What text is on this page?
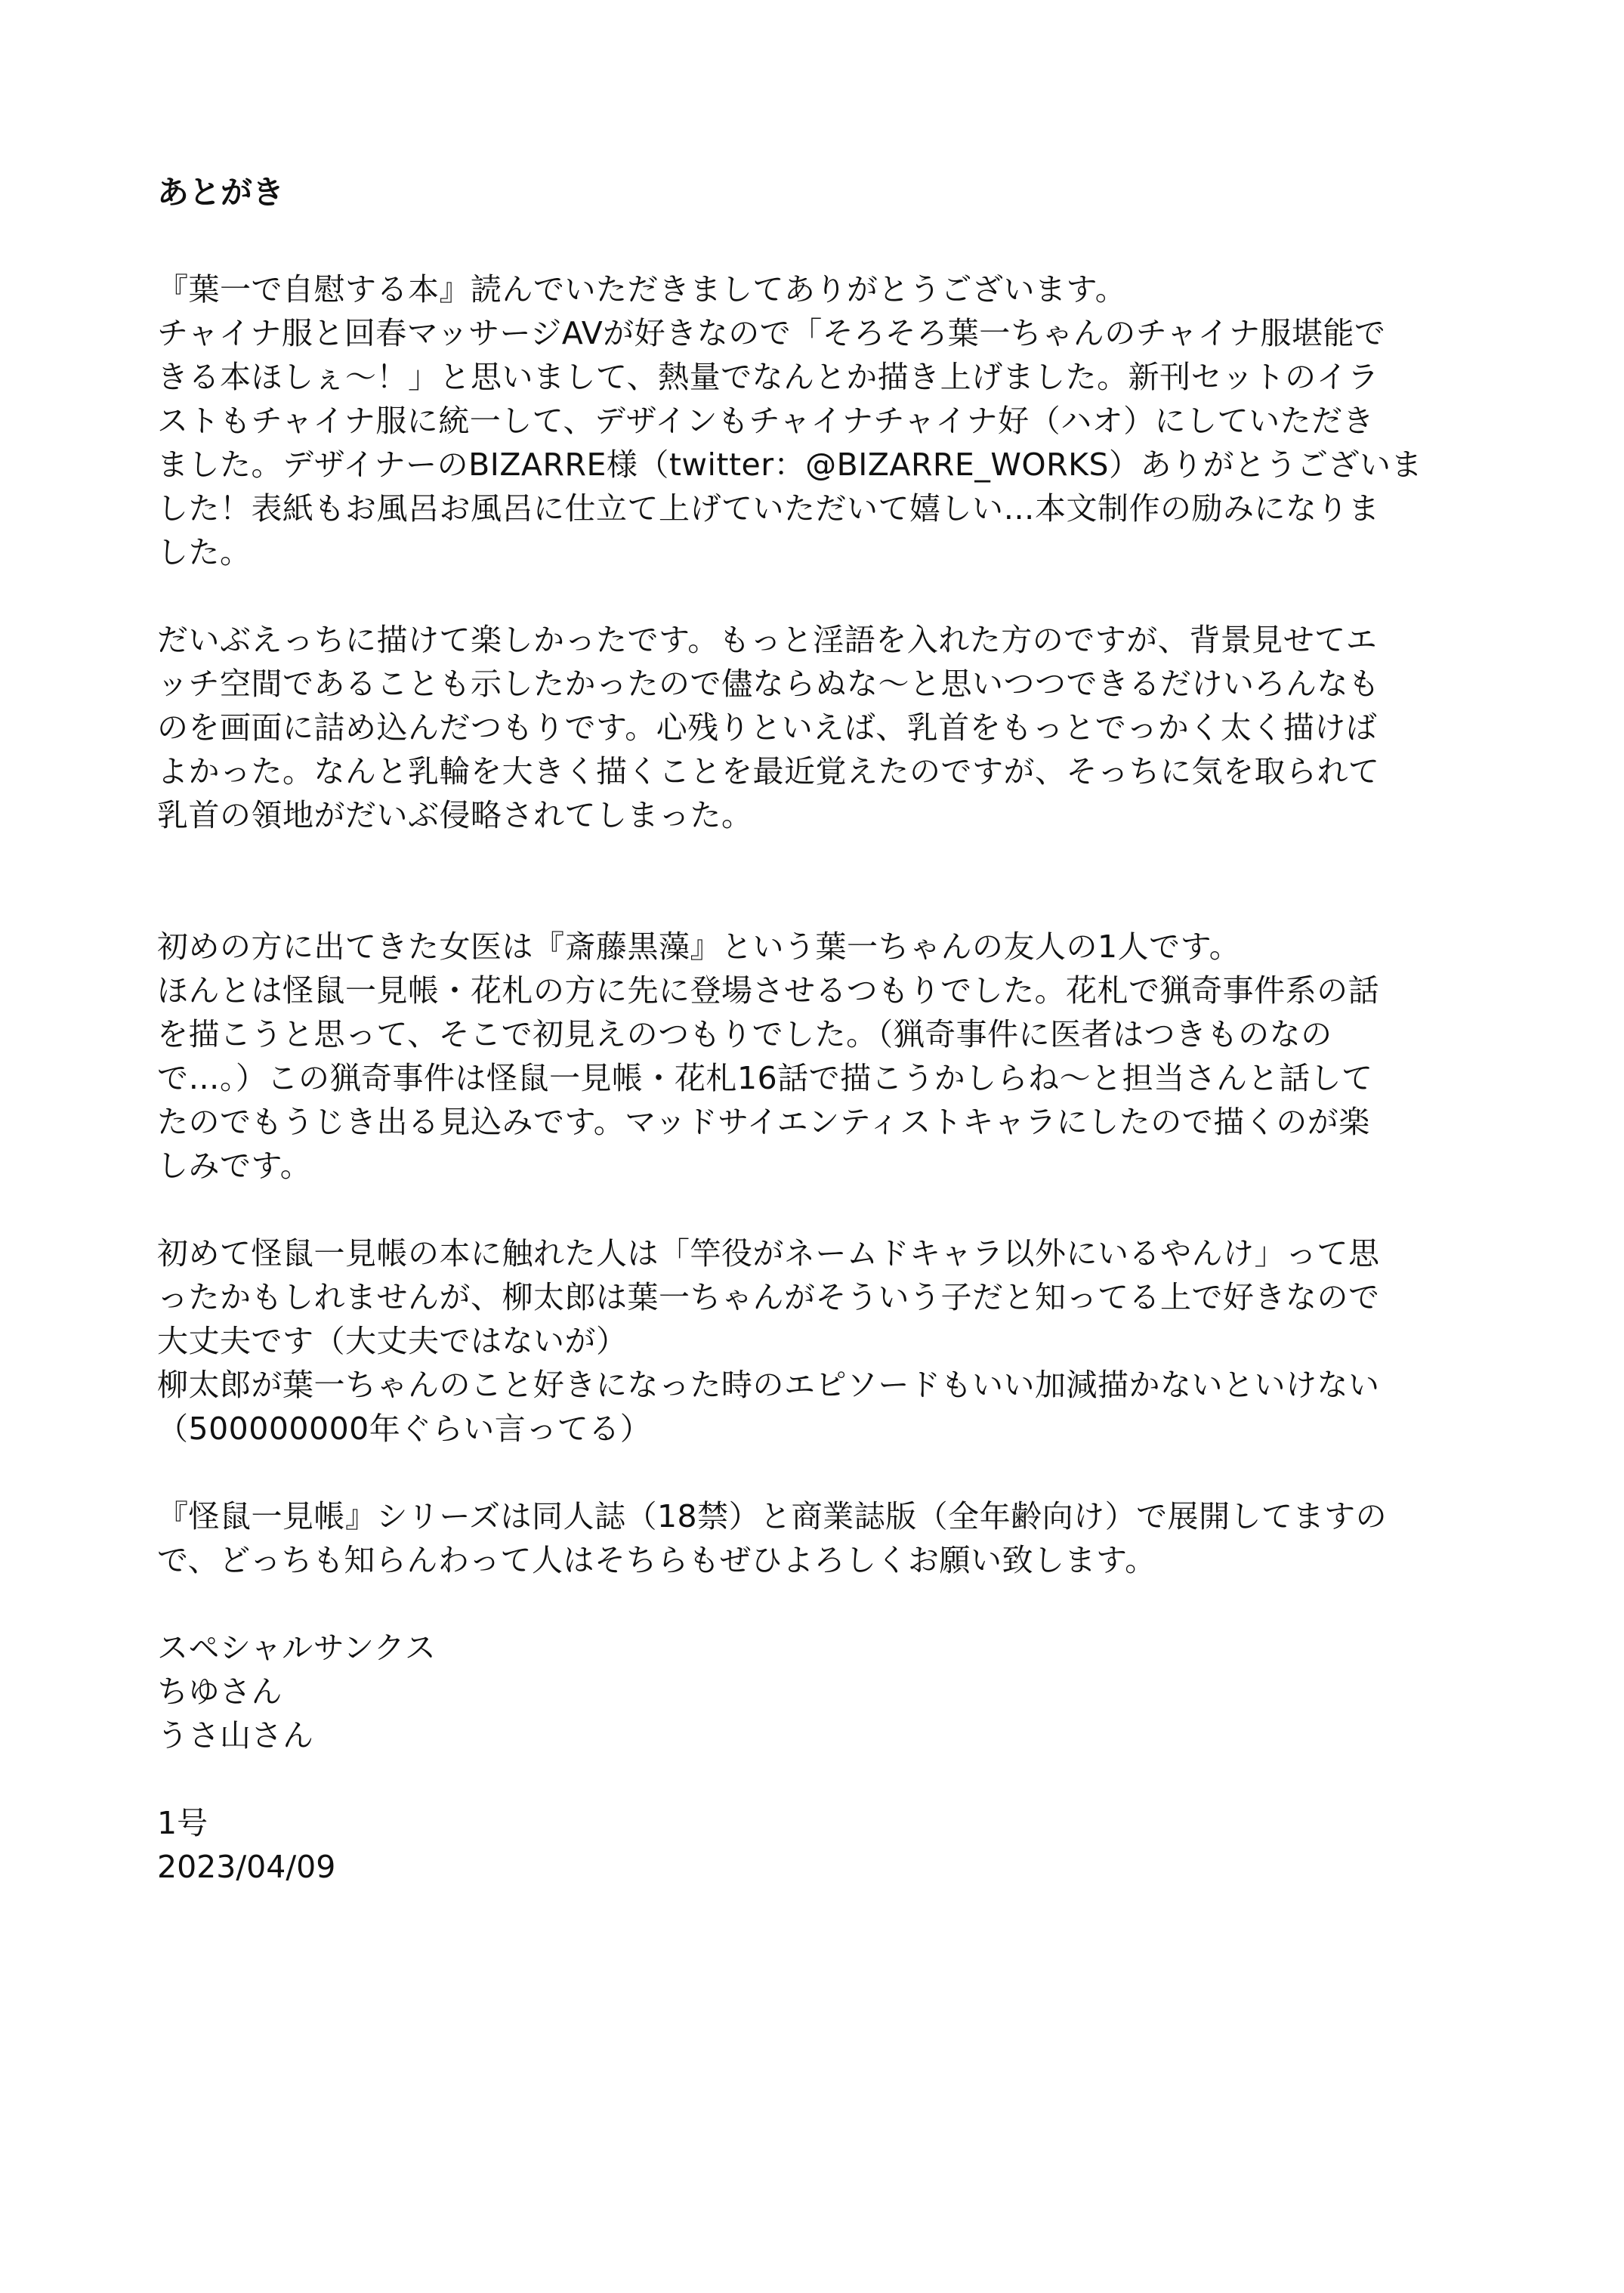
あとがき
『葉一で自慰する本』読んでいただきましてありがとうございます。
チャイナ服と回春マッサージAVが好きなので「そろそろ葉一ちゃんのチャイナ服堪能で
きる本ほしぇ〜！」と思いまして、熱量でなんとか描き上げました。新刊セットのイラ
ストもチャイナ服に統一して、デザインもチャイナチャイナ好（ハオ）にしていただき
ました。デザイナーのBIZARRE様（twitter：@BIZARRE_WORKS）ありがとうございま
した！表紙もお風呂お風呂に仕立て上げていただいて嬉しい…本文制作の励みになりま
した。
だいぶえっちに描けて楽しかったです。もっと淫語を入れた方のですが、背景見せてエ
ッチ空間であることも示したかったので儘ならぬな〜と思いつつできるだけいろんなも
のを画面に詰め込んだつもりです。心残りといえば、乳首をもっとでっかく太く描けば
よかった。なんと乳輪を大きく描くことを最近覚えたのですが、そっちに気を取られて
乳首の領地がだいぶ侵略されてしまった。
初めの方に出てきた女医は『斎藤黒藻』という葉一ちゃんの友人の1人です。
ほんとは怪鼠一見帳・花札の方に先に登場させるつもりでした。花札で猟奇事件系の話
を描こうと思って、そこで初見えのつもりでした。（猟奇事件に医者はつきものなの
で…。）この猟奇事件は怪鼠一見帳・花札16話で描こうかしらね〜と担当さんと話して
たのでもうじき出る見込みです。マッドサイエンティストキャラにしたので描くのが楽
しみです。
初めて怪鼠一見帳の本に触れた人は「竿役がネームドキャラ以外にいるやんけ」って思
ったかもしれませんが、柳太郎は葉一ちゃんがそういう子だと知ってる上で好きなので
大丈夫です（大丈夫ではないが）
柳太郎が葉一ちゃんのこと好きになった時のエピソードもいい加減描かないといけない
（500000000年ぐらい言ってる）
『怪鼠一見帳』シリーズは同人誌（18禁）と商業誌版（全年齢向け）で展開してますの
で、どっちも知らんわって人はそちらもぜひよろしくお願い致します。
スペシャルサンクス
ちゆさん
うさ山さん
1号
2023/04/09
